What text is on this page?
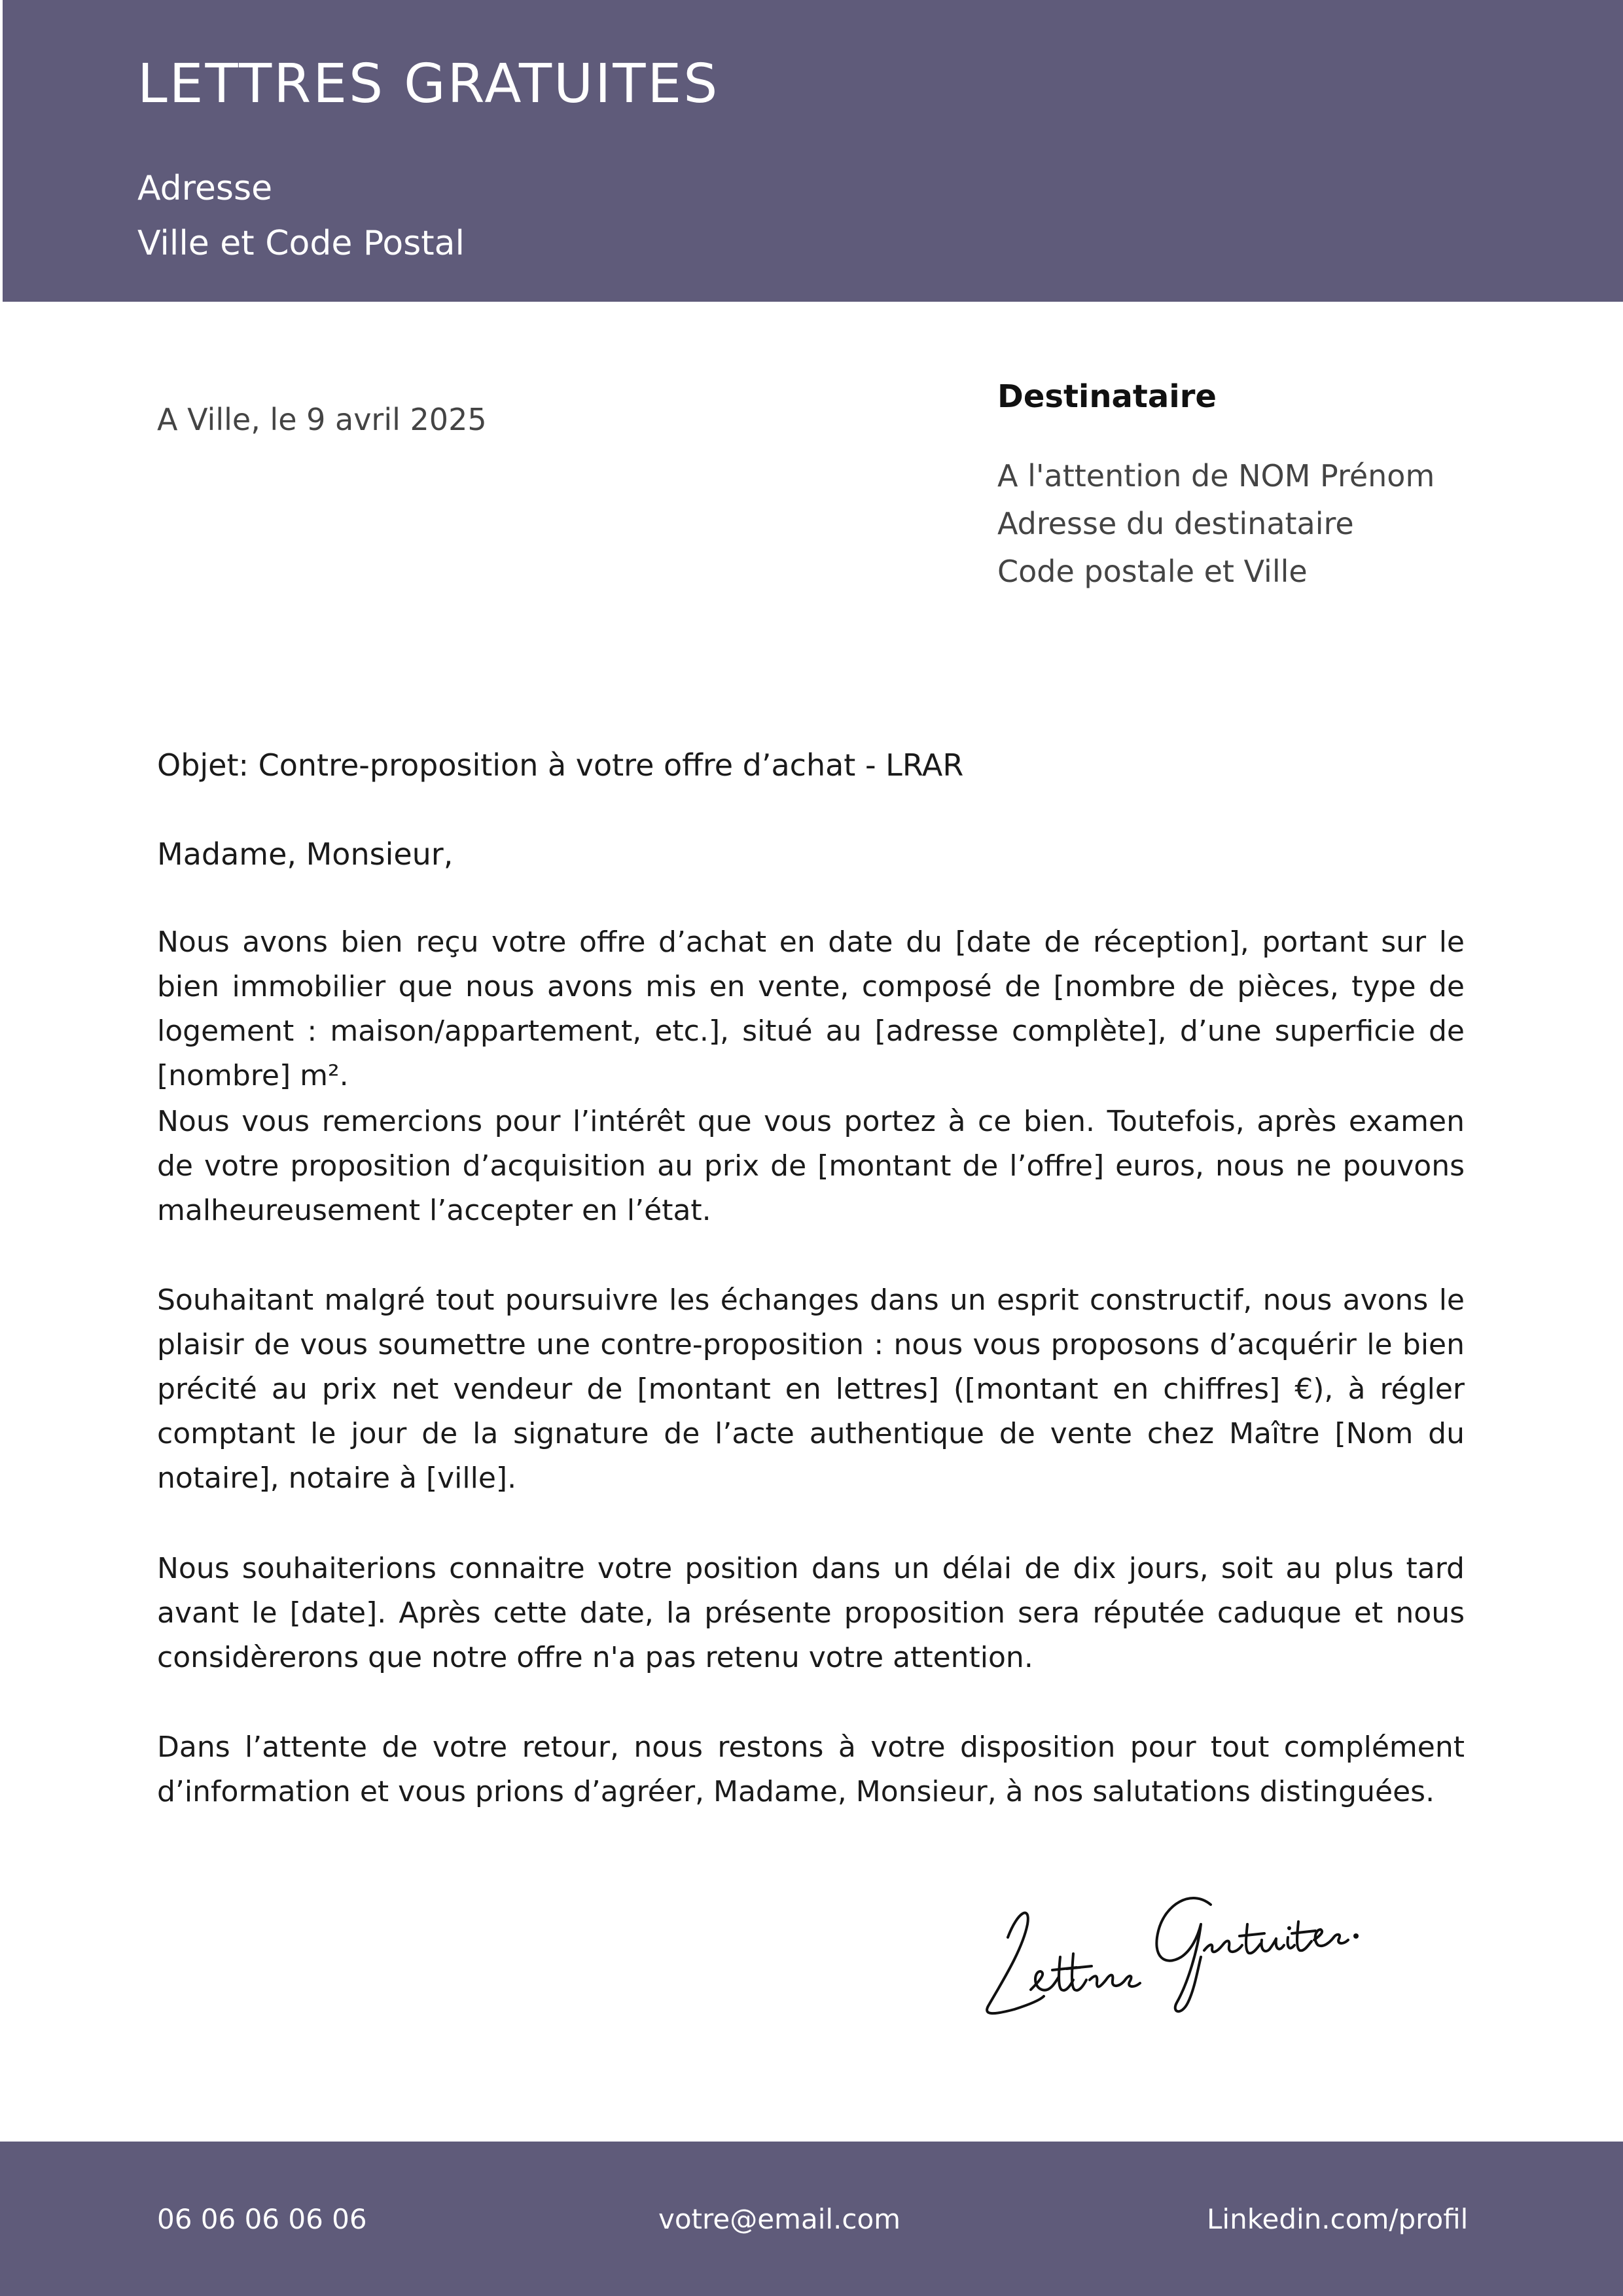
LETTRES GRATUITES
Adresse
Ville et Code Postal
A Ville, le 9 avril 2025
Destinataire
A l'attention de NOM Prénom
Adresse du destinataire
Code postale et Ville
Objet: Contre-proposition à votre offre d’achat - LRAR
Madame, Monsieur,

Nous avons bien reçu votre offre d’achat en date du [date de réception], portant sur le bien immobilier que nous avons mis en vente, composé de [nombre de pièces, type de logement : maison/appartement, etc.], situé au [adresse complète], d’une superficie de [nombre] m².

Nous vous remercions pour l’intérêt que vous portez à ce bien. Toutefois, après examen de votre proposition d’acquisition au prix de [montant de l’offre] euros, nous ne pouvons malheureusement l’accepter en l’état.

Souhaitant malgré tout poursuivre les échanges dans un esprit constructif, nous avons le plaisir de vous soumettre une contre-proposition : nous vous proposons d’acquérir le bien précité au prix net vendeur de [montant en lettres] ([montant en chiffres] €), à régler comptant le jour de la signature de l’acte authentique de vente chez Maître [Nom du notaire], notaire à [ville].

Nous souhaiterions connaitre votre position dans un délai de dix jours, soit au plus tard avant le [date]. Après cette date, la présente proposition sera réputée caduque et nous considèrerons que notre offre n'a pas retenu votre attention.

Dans l’attente de votre retour, nous restons à votre disposition pour tout complément d’information et vous prions d’agréer, Madame, Monsieur, à nos salutations distinguées.

06 06 06 06 06	votre@email.com	Linkedin.com/profil
